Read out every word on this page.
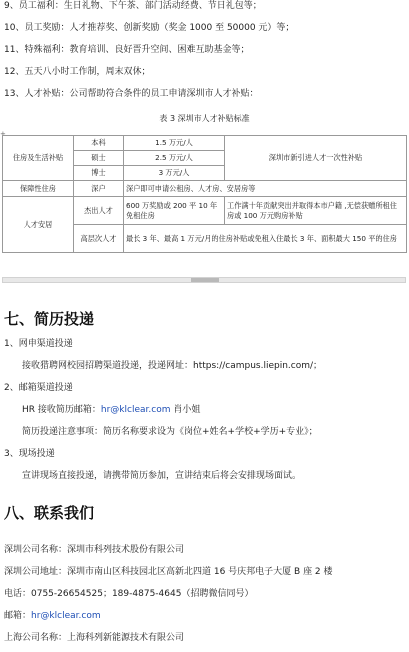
9、员工福利：生日礼物、下午茶、部门活动经费、节日礼包等；
10、员工奖励：人才推荐奖、创新奖励（奖金 1000 至 50000 元）等；
11、特殊福利：教育培训、良好晋升空间、困难互助基金等；
12、五天八小时工作制，周末双休；
13、人才补贴：公司帮助符合条件的员工申请深圳市人才补贴：
表 3 深圳市人才补贴标准
+
住房及生活补贴	本科	1.5 万元/人	深圳市新引进人才一次性补贴
	硕士	2.5 万元/人	
	博士	3 万元/人	
保障性住房	深户	深户即可申请公租房、人才房、安居房等	
人才安居	杰出人才	600 万奖励或 200 平 10 年免租住房	工作满十年贡献突出并取得本市户籍 ,无偿获赠所租住房或 100 万元购房补贴
	高层次人才	最长 3 年、最高 1 万元/月的住房补贴或免租入住最长 3 年、面积最大 150 平的住房	
七、简历投递
1、网申渠道投递
接收猎聘网校园招聘渠道投递，投递网址：https://campus.liepin.com/；
2、邮箱渠道投递
HR 接收简历邮箱：hr@klclear.com 肖小姐
简历投递注意事项：简历名称要求设为《岗位+姓名+学校+学历+专业》；
3、现场投递
宣讲现场直接投递，请携带简历参加，宣讲结束后将会安排现场面试。
八、联系我们
深圳公司名称：深圳市科列技术股份有限公司
深圳公司地址：深圳市南山区科技园北区高新北四道 16 号庆邦电子大厦 B 座 2 楼
电话：0755-26654525；189-4875-4645（招聘微信同号）
邮箱：hr@klclear.com
上海公司名称：上海科列新能源技术有限公司
